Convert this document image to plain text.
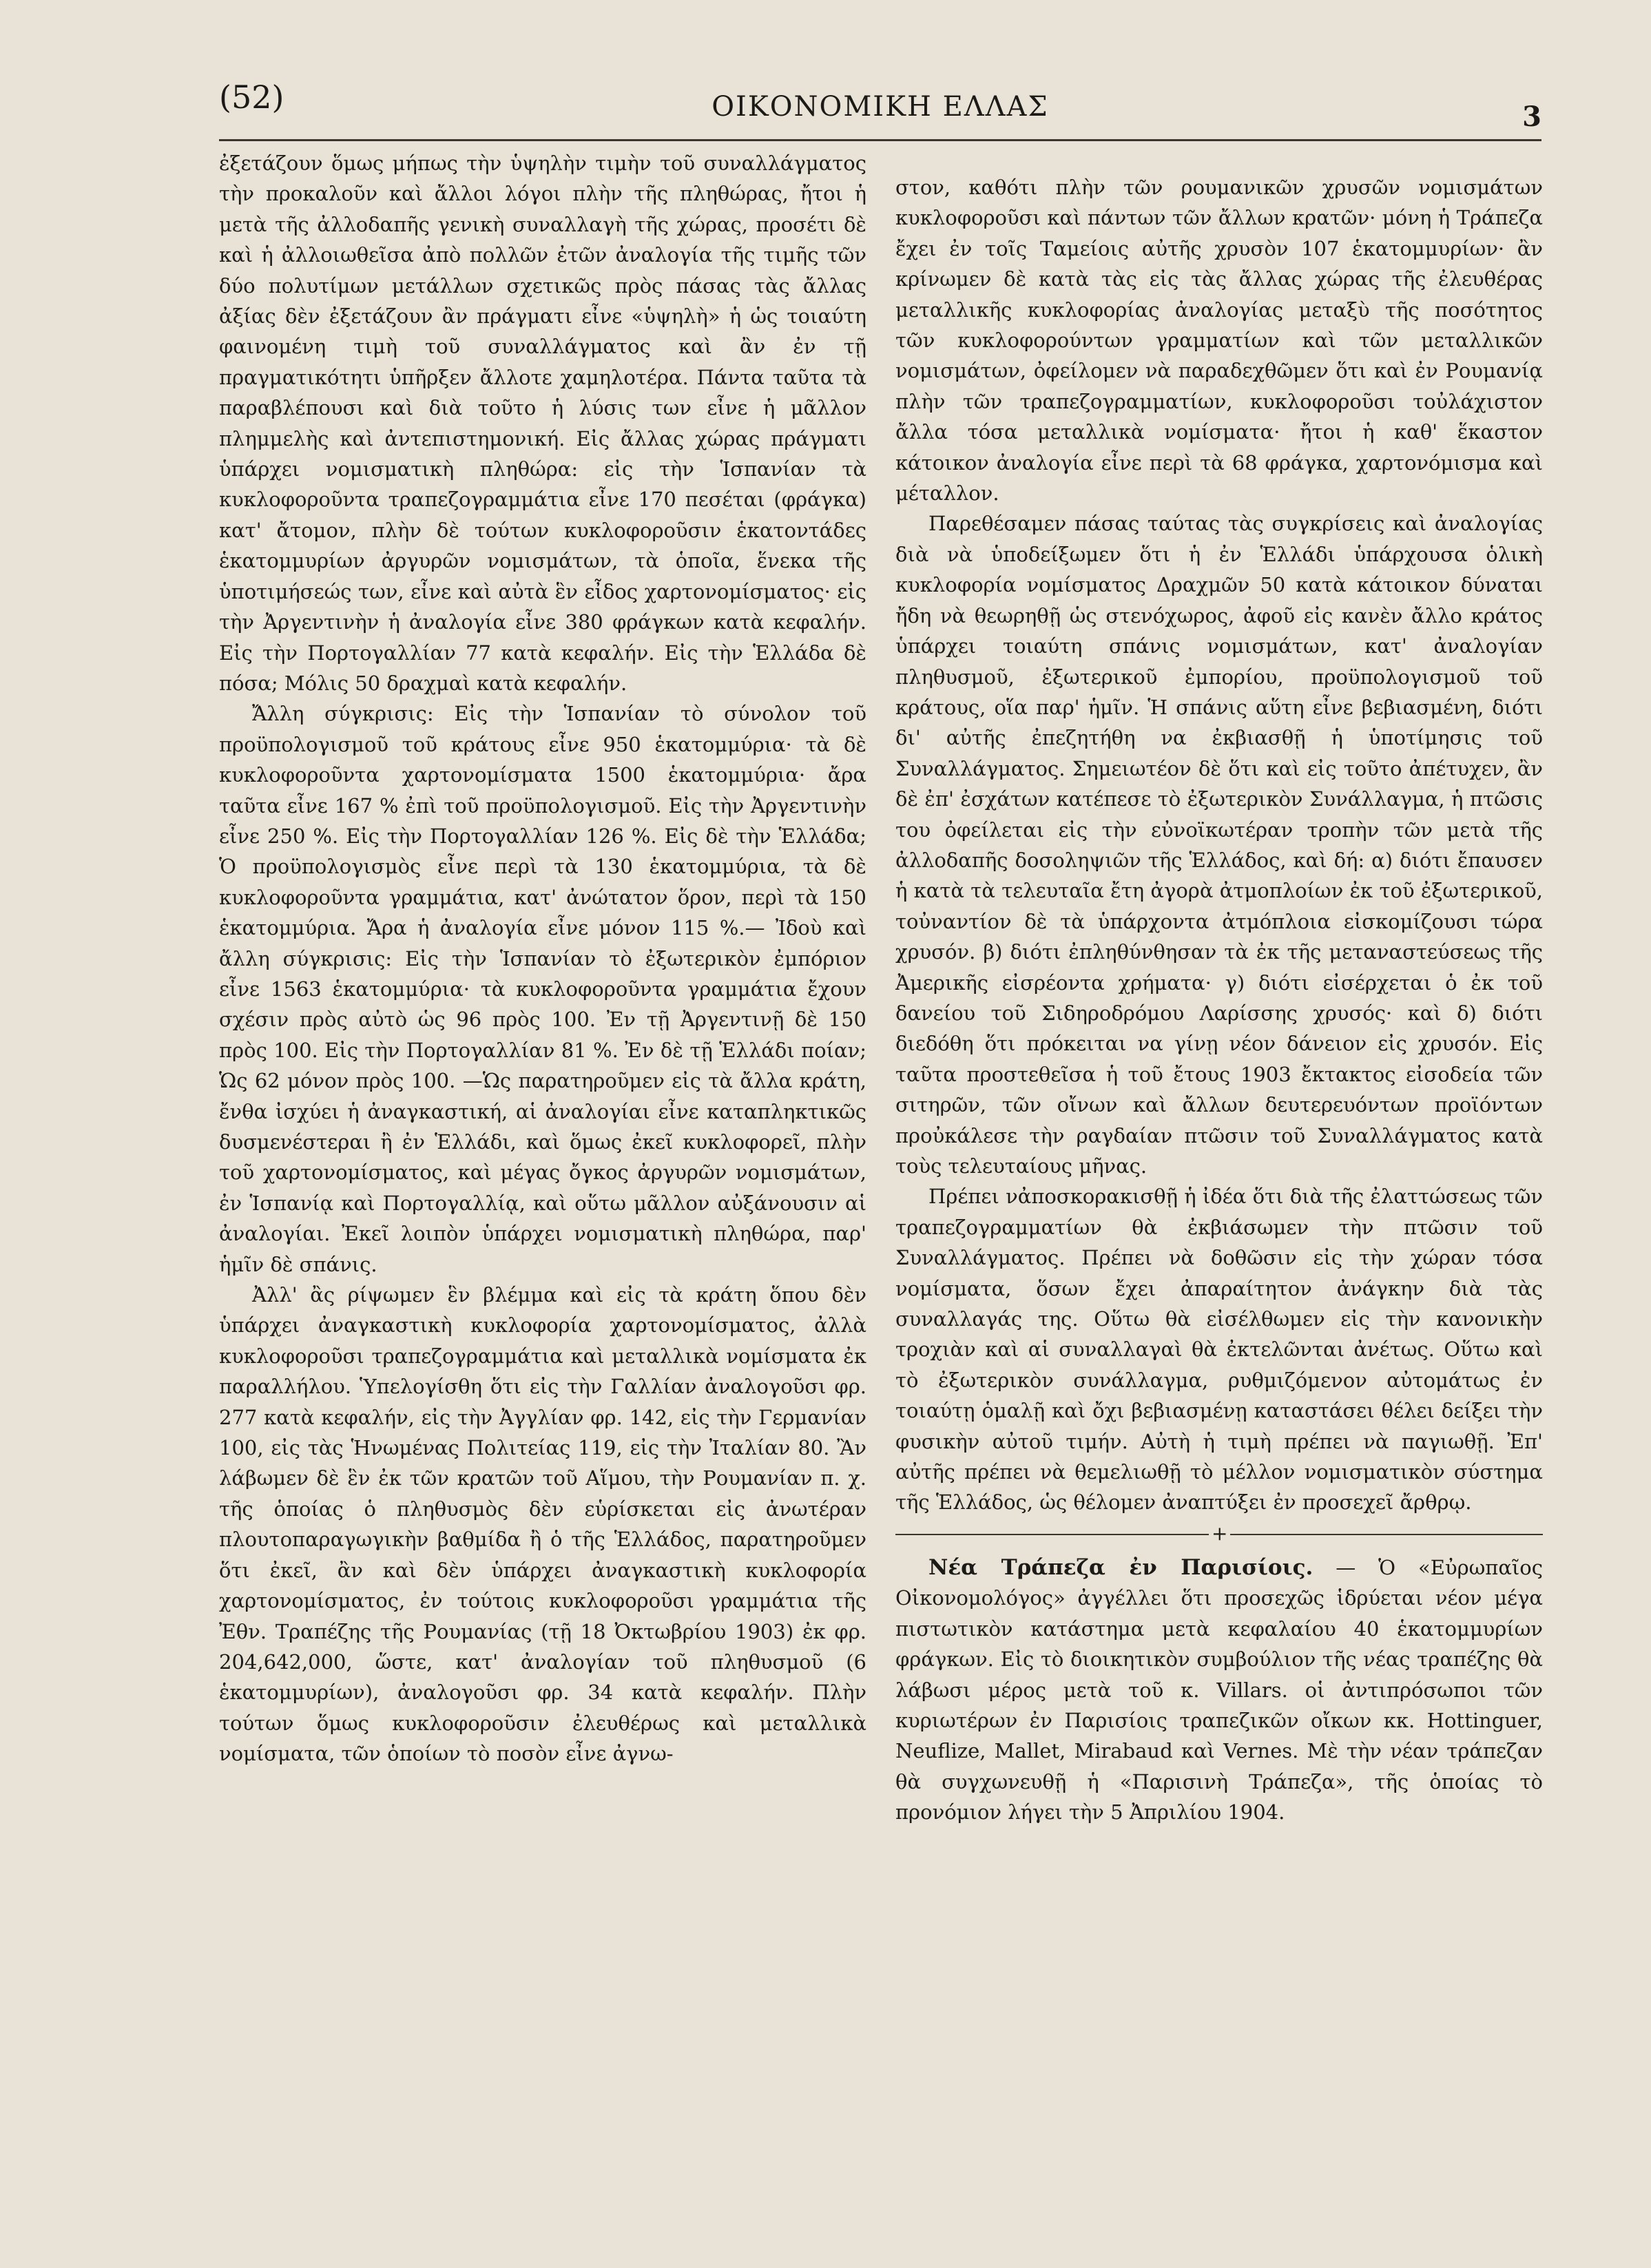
(52)	ΟΙΚΟΝΟΜΙΚΗ ΕΛΛΑΣ	3

ἐξετάζουν ὅμως μήπως τὴν ὑψηλὴν τιμὴν τοῦ συναλλάγματος τὴν προκαλοῦν καὶ ἄλλοι λόγοι πλὴν τῆς πληθώρας, ἤτοι ἡ μετὰ τῆς ἀλλοδαπῆς γενικὴ συναλλαγὴ τῆς χώρας, προσέτι δὲ καὶ ἡ ἀλλοιωθεῖσα ἀπὸ πολλῶν ἐτῶν ἀναλογία τῆς τιμῆς τῶν δύο πολυτίμων μετάλλων σχετικῶς πρὸς πάσας τὰς ἄλλας ἀξίας δὲν ἐξετάζουν ἂν πράγματι εἶνε «ὑψηλὴ» ἡ ὡς τοιαύτη φαινομένη τιμὴ τοῦ συναλλάγματος καὶ ἂν ἐν τῇ πραγματικότητι ὑπῆρξεν ἄλλοτε χαμηλοτέρα. Πάντα ταῦτα τὰ παραβλέπουσι καὶ διὰ τοῦτο ἡ λύσις των εἶνε ἡ μᾶλλον πλημμελὴς καὶ ἀντεπιστημονική. Εἰς ἄλλας χώρας πράγματι ὑπάρχει νομισματικὴ πληθώρα: εἰς τὴν Ἱσπανίαν τὰ κυκλοφοροῦντα τραπεζογραμμάτια εἶνε 170 πεσέται (φράγκα) κατ' ἄτομον, πλὴν δὲ τούτων κυκλοφοροῦσιν ἑκατοντάδες ἑκατομμυρίων ἀργυρῶν νομισμάτων, τὰ ὁποῖα, ἕνεκα τῆς ὑποτιμήσεώς των, εἶνε καὶ αὐτὰ ἓν εἶδος χαρτονομίσματος· εἰς τὴν Ἀργεντινὴν ἡ ἀναλογία εἶνε 380 φράγκων κατὰ κεφαλήν. Εἰς τὴν Πορτογαλλίαν 77 κατὰ κεφαλήν. Εἰς τὴν Ἑλλάδα δὲ πόσα; Μόλις 50 δραχμαὶ κατὰ κεφαλήν.

Ἄλλη σύγκρισις: Εἰς τὴν Ἱσπανίαν τὸ σύνολον τοῦ προϋπολογισμοῦ τοῦ κράτους εἶνε 950 ἑκατομμύρια· τὰ δὲ κυκλοφοροῦντα χαρτονομίσματα 1500 ἑκατομμύρια· ἄρα ταῦτα εἶνε 167 % ἐπὶ τοῦ προϋπολογισμοῦ. Εἰς τὴν Ἀργεντινὴν εἶνε 250 %. Εἰς τὴν Πορτογαλλίαν 126 %. Εἰς δὲ τὴν Ἑλλάδα; Ὁ προϋπολογισμὸς εἶνε περὶ τὰ 130 ἑκατομμύρια, τὰ δὲ κυκλοφοροῦντα γραμμάτια, κατ' ἀνώτατον ὅρον, περὶ τὰ 150 ἑκατομμύρια. Ἄρα ἡ ἀναλογία εἶνε μόνον 115 %.— Ἰδοὺ καὶ ἄλλη σύγκρισις: Εἰς τὴν Ἱσπανίαν τὸ ἐξωτερικὸν ἐμπόριον εἶνε 1563 ἑκατομμύρια· τὰ κυκλοφοροῦντα γραμμάτια ἔχουν σχέσιν πρὸς αὐτὸ ὡς 96 πρὸς 100. Ἐν τῇ Ἀργεντινῇ δὲ 150 πρὸς 100. Εἰς τὴν Πορτογαλλίαν 81 %. Ἐν δὲ τῇ Ἑλλάδι ποίαν; Ὡς 62 μόνον πρὸς 100. —Ὡς παρατηροῦμεν εἰς τὰ ἄλλα κράτη, ἔνθα ἰσχύει ἡ ἀναγκαστική, αἱ ἀναλογίαι εἶνε καταπληκτικῶς δυσμενέστεραι ἢ ἐν Ἑλλάδι, καὶ ὅμως ἐκεῖ κυκλοφορεῖ, πλὴν τοῦ χαρτονομίσματος, καὶ μέγας ὄγκος ἀργυρῶν νομισμάτων, ἐν Ἱσπανίᾳ καὶ Πορτογαλλίᾳ, καὶ οὕτω μᾶλλον αὐξάνουσιν αἱ ἀναλογίαι. Ἐκεῖ λοιπὸν ὑπάρχει νομισματικὴ πληθώρα, παρ' ἡμῖν δὲ σπάνις.

Ἀλλ' ἂς ρίψωμεν ἓν βλέμμα καὶ εἰς τὰ κράτη ὅπου δὲν ὑπάρχει ἀναγκαστικὴ κυκλοφορία χαρτονομίσματος, ἀλλὰ κυκλοφοροῦσι τραπεζογραμμάτια καὶ μεταλλικὰ νομίσματα ἐκ παραλλήλου. Ὑπελογίσθη ὅτι εἰς τὴν Γαλλίαν ἀναλογοῦσι φρ. 277 κατὰ κεφαλήν, εἰς τὴν Ἀγγλίαν φρ. 142, εἰς τὴν Γερμανίαν 100, εἰς τὰς Ἡνωμένας Πολιτείας 119, εἰς τὴν Ἰταλίαν 80. Ἂν λάβωμεν δὲ ἓν ἐκ τῶν κρατῶν τοῦ Αἵμου, τὴν Ρουμανίαν π. χ. τῆς ὁποίας ὁ πληθυσμὸς δὲν εὑρίσκεται εἰς ἀνωτέραν πλουτοπαραγωγικὴν βαθμίδα ἢ ὁ τῆς Ἑλλάδος, παρατηροῦμεν ὅτι ἐκεῖ, ἂν καὶ δὲν ὑπάρχει ἀναγκαστικὴ κυκλοφορία χαρτονομίσματος, ἐν τούτοις κυκλοφοροῦσι γραμμάτια τῆς Ἐθν. Τραπέζης τῆς Ρουμανίας (τῇ 18 Ὀκτωβρίου 1903) ἐκ φρ. 204,642,000, ὥστε, κατ' ἀναλογίαν τοῦ πληθυσμοῦ (6 ἑκατομμυρίων), ἀναλογοῦσι φρ. 34 κατὰ κεφαλήν. Πλὴν τούτων ὅμως κυκλοφοροῦσιν ἐλευθέρως καὶ μεταλλικὰ νομίσματα, τῶν ὁποίων τὸ ποσὸν εἶνε ἀγνω-

στον, καθότι πλὴν τῶν ρουμανικῶν χρυσῶν νομισμάτων κυκλοφοροῦσι καὶ πάντων τῶν ἄλλων κρατῶν· μόνη ἡ Τράπεζα ἔχει ἐν τοῖς Ταμείοις αὐτῆς χρυσὸν 107 ἑκατομμυρίων· ἂν κρίνωμεν δὲ κατὰ τὰς εἰς τὰς ἄλλας χώρας τῆς ἐλευθέρας μεταλλικῆς κυκλοφορίας ἀναλογίας μεταξὺ τῆς ποσότητος τῶν κυκλοφορούντων γραμματίων καὶ τῶν μεταλλικῶν νομισμάτων, ὀφείλομεν νὰ παραδεχθῶμεν ὅτι καὶ ἐν Ρουμανίᾳ πλὴν τῶν τραπεζογραμματίων, κυκλοφοροῦσι τοὐλάχιστον ἄλλα τόσα μεταλλικὰ νομίσματα· ἤτοι ἡ καθ' ἕκαστον κάτοικον ἀναλογία εἶνε περὶ τὰ 68 φράγκα, χαρτονόμισμα καὶ μέταλλον.

Παρεθέσαμεν πάσας ταύτας τὰς συγκρίσεις καὶ ἀναλογίας διὰ νὰ ὑποδείξωμεν ὅτι ἡ ἐν Ἑλλάδι ὑπάρχουσα ὁλικὴ κυκλοφορία νομίσματος Δραχμῶν 50 κατὰ κάτοικον δύναται ἤδη νὰ θεωρηθῇ ὡς στενόχωρος, ἀφοῦ εἰς κανὲν ἄλλο κράτος ὑπάρχει τοιαύτη σπάνις νομισμάτων, κατ' ἀναλογίαν πληθυσμοῦ, ἐξωτερικοῦ ἐμπορίου, προϋπολογισμοῦ τοῦ κράτους, οἵα παρ' ἡμῖν. Ἡ σπάνις αὕτη εἶνε βεβιασμένη, διότι δι' αὐτῆς ἐπεζητήθη να ἐκβιασθῇ ἡ ὑποτίμησις τοῦ Συναλλάγματος. Σημειωτέον δὲ ὅτι καὶ εἰς τοῦτο ἀπέτυχεν, ἂν δὲ ἐπ' ἐσχάτων κατέπεσε τὸ ἐξωτερικὸν Συνάλλαγμα, ἡ πτῶσις του ὀφείλεται εἰς τὴν εὐνοϊκωτέραν τροπὴν τῶν μετὰ τῆς ἀλλοδαπῆς δοσοληψιῶν τῆς Ἑλλάδος, καὶ δή: α) διότι ἔπαυσεν ἡ κατὰ τὰ τελευταῖα ἔτη ἀγορὰ ἀτμοπλοίων ἐκ τοῦ ἐξωτερικοῦ, τοὐναντίον δὲ τὰ ὑπάρχοντα ἀτμόπλοια εἰσκομίζουσι τώρα χρυσόν. β) διότι ἐπληθύνθησαν τὰ ἐκ τῆς μεταναστεύσεως τῆς Ἀμερικῆς εἰσρέοντα χρήματα· γ) διότι εἰσέρχεται ὁ ἐκ τοῦ δανείου τοῦ Σιδηροδρόμου Λαρίσσης χρυσός· καὶ δ) διότι διεδόθη ὅτι πρόκειται να γίνῃ νέον δάνειον εἰς χρυσόν. Εἰς ταῦτα προστεθεῖσα ἡ τοῦ ἔτους 1903 ἔκτακτος εἰσοδεία τῶν σιτηρῶν, τῶν οἴνων καὶ ἄλλων δευτερευόντων προϊόντων προὐκάλεσε τὴν ραγδαίαν πτῶσιν τοῦ Συναλλάγματος κατὰ τοὺς τελευταίους μῆνας.

Πρέπει νἀποσκορακισθῇ ἡ ἰδέα ὅτι διὰ τῆς ἐλαττώσεως τῶν τραπεζογραμματίων θὰ ἐκβιάσωμεν τὴν πτῶσιν τοῦ Συναλλάγματος. Πρέπει νὰ δοθῶσιν εἰς τὴν χώραν τόσα νομίσματα, ὅσων ἔχει ἀπαραίτητον ἀνάγκην διὰ τὰς συναλλαγάς της. Οὕτω θὰ εἰσέλθωμεν εἰς τὴν κανονικὴν τροχιὰν καὶ αἱ συναλλαγαὶ θὰ ἐκτελῶνται ἀνέτως. Οὕτω καὶ τὸ ἐξωτερικὸν συνάλλαγμα, ρυθμιζόμενον αὐτομάτως ἐν τοιαύτῃ ὁμαλῇ καὶ ὄχι βεβιασμένῃ καταστάσει θέλει δείξει τὴν φυσικὴν αὐτοῦ τιμήν. Αὐτὴ ἡ τιμὴ πρέπει νὰ παγιωθῇ. Ἐπ' αὐτῆς πρέπει νὰ θεμελιωθῇ τὸ μέλλον νομισματικὸν σύστημα τῆς Ἑλλάδος, ὡς θέλομεν ἀναπτύξει ἐν προσεχεῖ ἄρθρῳ.

+

Νέα Τράπεζα ἐν Παρισίοις. — Ὁ «Εὐρωπαῖος Οἰκονομολόγος» ἀγγέλλει ὅτι προσεχῶς ἱδρύεται νέον μέγα πιστωτικὸν κατάστημα μετὰ κεφαλαίου 40 ἑκατομμυρίων φράγκων. Εἰς τὸ διοικητικὸν συμβούλιον τῆς νέας τραπέζης θὰ λάβωσι μέρος μετὰ τοῦ κ. Villars. οἱ ἀντιπρόσωποι τῶν κυριωτέρων ἐν Παρισίοις τραπεζικῶν οἴκων κκ. Hottinguer, Neuflize, Mallet, Mirabaud καὶ Vernes. Μὲ τὴν νέαν τράπεζαν θὰ συγχωνευθῇ ἡ «Παρισινὴ Τράπεζα», τῆς ὁποίας τὸ προνόμιον λήγει τὴν 5 Ἀπριλίου 1904.
